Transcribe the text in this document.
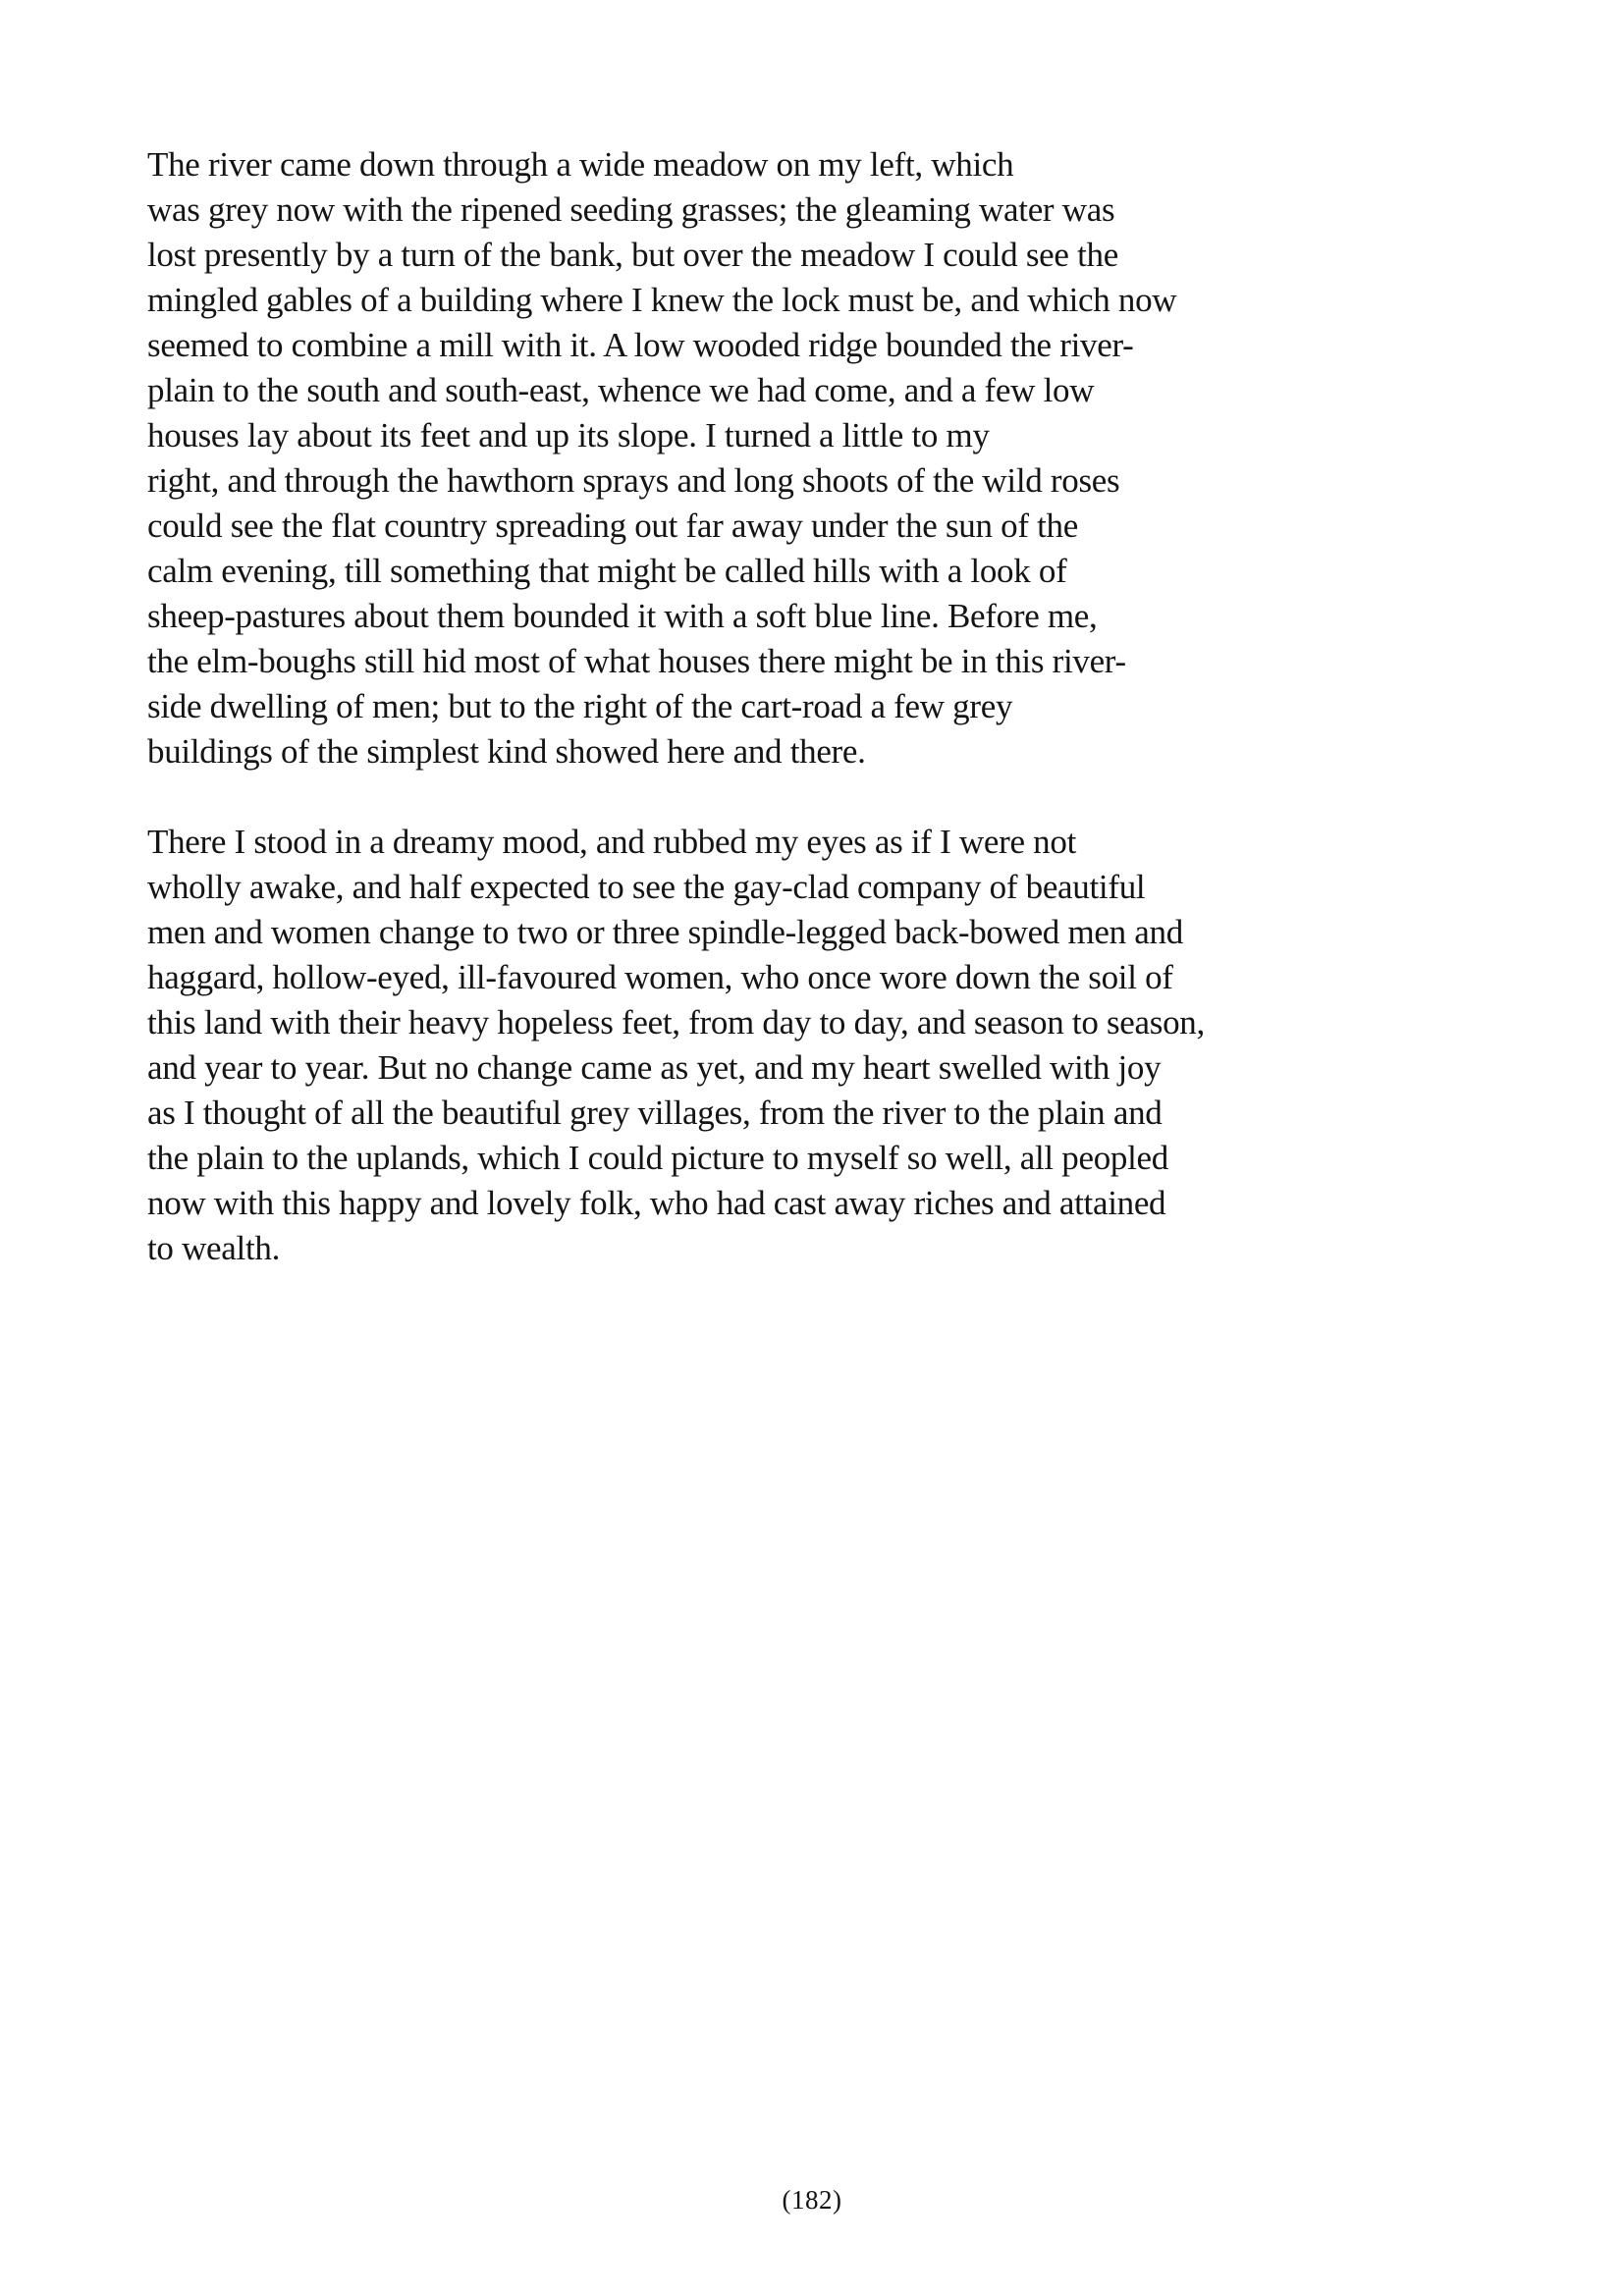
The river came down through a wide meadow on my left, which
was grey now with the ripened seeding grasses; the gleaming water was
lost presently by a turn of the bank, but over the meadow I could see the
mingled gables of a building where I knew the lock must be, and which now
seemed to combine a mill with it. A low wooded ridge bounded the river-
plain to the south and south-east, whence we had come, and a few low
houses lay about its feet and up its slope. I turned a little to my
right, and through the hawthorn sprays and long shoots of the wild roses
could see the flat country spreading out far away under the sun of the
calm evening, till something that might be called hills with a look of
sheep-pastures about them bounded it with a soft blue line. Before me,
the elm-boughs still hid most of what houses there might be in this river-
side dwelling of men; but to the right of the cart-road a few grey
buildings of the simplest kind showed here and there.
There I stood in a dreamy mood, and rubbed my eyes as if I were not
wholly awake, and half expected to see the gay-clad company of beautiful
men and women change to two or three spindle-legged back-bowed men and
haggard, hollow-eyed, ill-favoured women, who once wore down the soil of
this land with their heavy hopeless feet, from day to day, and season to season,
and year to year. But no change came as yet, and my heart swelled with joy
as I thought of all the beautiful grey villages, from the river to the plain and
the plain to the uplands, which I could picture to myself so well, all peopled
now with this happy and lovely folk, who had cast away riches and attained
to wealth.
(182)
